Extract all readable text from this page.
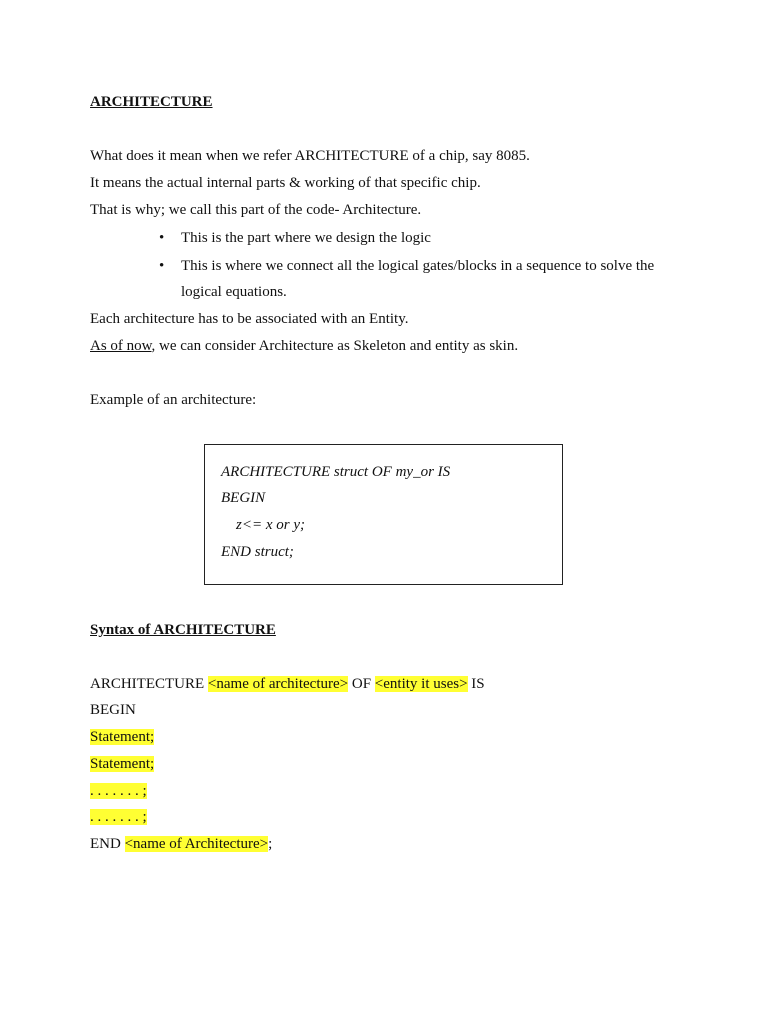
ARCHITECTURE
What does it mean when we refer ARCHITECTURE of a chip, say 8085.
It means the actual internal parts & working of that specific chip.
That is why; we call this part of the code- Architecture.
• This is the part where we design the logic
• This is where we connect all the logical gates/blocks in a sequence to solve the
logical equations.
Each architecture has to be associated with an Entity.
As of now, we can consider Architecture as Skeleton and entity as skin.
Example of an architecture:
ARCHITECTURE struct OF my_or IS
BEGIN
z<= x or y;
END struct;
Syntax of ARCHITECTURE
ARCHITECTURE <name of architecture> OF <entity it uses> IS
BEGIN
Statement;
Statement;
. . . . . . . ;
. . . . . . . ;
END <name of Architecture>;
